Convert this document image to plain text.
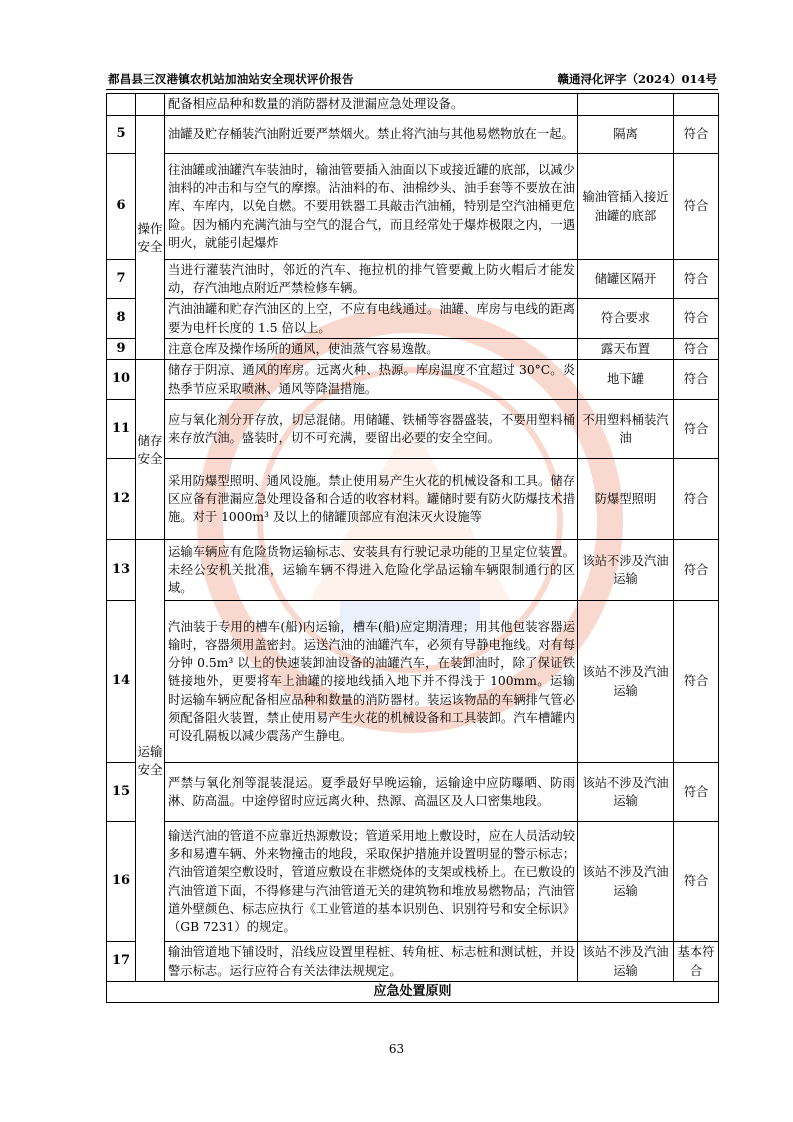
都昌县三汊港镇农机站加油站安全现状评价报告	赣通浔化评字（2024）014号
		配备相应品种和数量的消防器材及泄漏应急处理设备。		
5	操作安全	油罐及贮存桶装汽油附近要严禁烟火。禁止将汽油与其他易燃物放在一起。	隔离	符合
6		往油罐或油罐汽车装油时，输油管要插入油面以下或接近罐的底部，以减少油料的冲击和与空气的摩擦。沾油料的布、油棉纱头、油手套等不要放在油库、车库内，以免自燃。不要用铁器工具敲击汽油桶，特别是空汽油桶更危险。因为桶内充满汽油与空气的混合气，而且经常处于爆炸极限之内，一遇明火，就能引起爆炸	输油管插入接近油罐的底部	符合
7		当进行灌装汽油时，邻近的汽车、拖拉机的排气管要戴上防火帽后才能发动，存汽油地点附近严禁检修车辆。	储罐区隔开	符合
8		汽油油罐和贮存汽油区的上空，不应有电线通过。油罐、库房与电线的距离要为电杆长度的 1.5 倍以上。	符合要求	符合
9		注意仓库及操作场所的通风，使油蒸气容易逸散。	露天布置	符合
10	储存安全	储存于阴凉、通风的库房。远离火种、热源。库房温度不宜超过 30°C。炎热季节应采取喷淋、通风等降温措施。	地下罐	符合
11		应与氧化剂分开存放，切忌混储。用储罐、铁桶等容器盛装，不要用塑料桶来存放汽油。盛装时，切不可充满，要留出必要的安全空间。	不用塑料桶装汽油	符合
12		采用防爆型照明、通风设施。禁止使用易产生火花的机械设备和工具。储存区应备有泄漏应急处理设备和合适的收容材料。罐储时要有防火防爆技术措施。对于 1000m³ 及以上的储罐顶部应有泡沫灭火设施等	防爆型照明	符合
13	运输安全	运输车辆应有危险货物运输标志、安装具有行驶记录功能的卫星定位装置。未经公安机关批准，运输车辆不得进入危险化学品运输车辆限制通行的区域。	该站不涉及汽油运输	符合
14		汽油装于专用的槽车(船)内运输，槽车(船)应定期清理；用其他包装容器运输时，容器须用盖密封。运送汽油的油罐汽车，必须有导静电拖线。对有每分钟 0.5m³ 以上的快速装卸油设备的油罐汽车，在装卸油时，除了保证铁链接地外，更要将车上油罐的接地线插入地下并不得浅于 100mm。运输时运输车辆应配备相应品种和数量的消防器材。装运该物品的车辆排气管必须配备阻火装置，禁止使用易产生火花的机械设备和工具装卸。汽车槽罐内可设孔隔板以减少震荡产生静电。	该站不涉及汽油运输	符合
15		严禁与氧化剂等混装混运。夏季最好早晚运输，运输途中应防曝晒、防雨淋、防高温。中途停留时应远离火种、热源、高温区及人口密集地段。	该站不涉及汽油运输	符合
16		输送汽油的管道不应靠近热源敷设；管道采用地上敷设时，应在人员活动较多和易遭车辆、外来物撞击的地段，采取保护措施并设置明显的警示标志；汽油管道架空敷设时，管道应敷设在非燃烧体的支架或栈桥上。在已敷设的汽油管道下面，不得修建与汽油管道无关的建筑物和堆放易燃物品；汽油管道外壁颜色、标志应执行《工业管道的基本识别色、识别符号和安全标识》（GB 7231）的规定。	该站不涉及汽油运输	符合
17		输油管道地下铺设时，沿线应设置里程桩、转角桩、标志桩和测试桩，并设警示标志。运行应符合有关法律法规规定。	该站不涉及汽油运输	基本符合
应急处置原则				
63
